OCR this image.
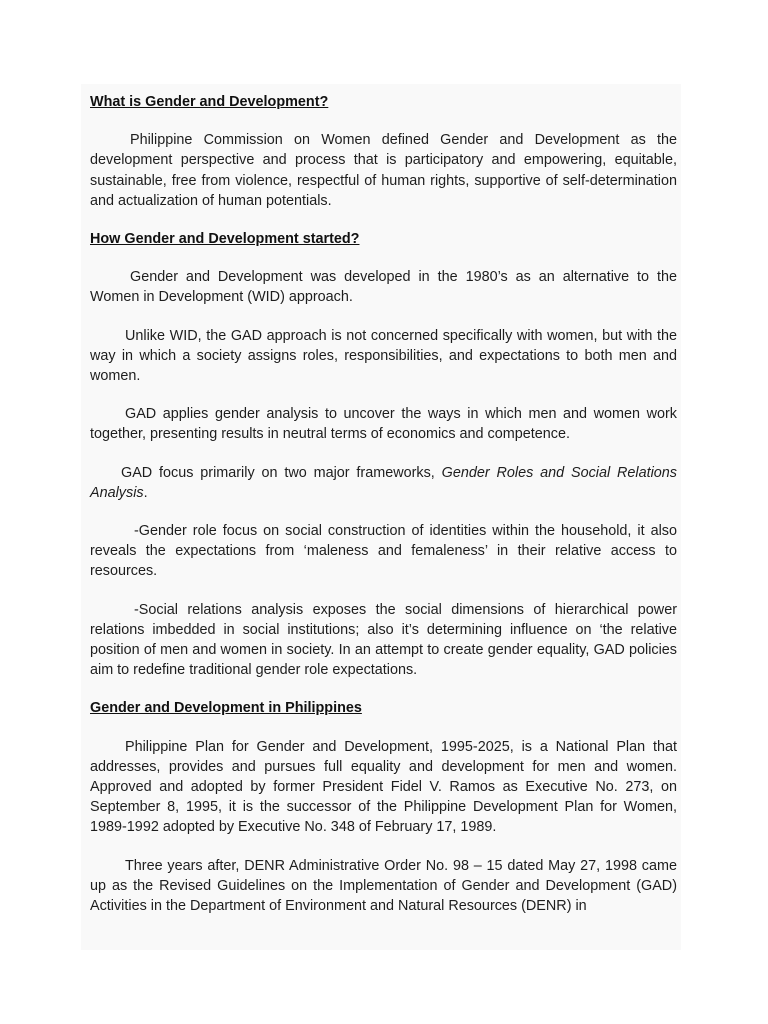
What is Gender and Development?
Philippine Commission on Women defined Gender and Development as the development perspective and process that is participatory and empowering, equitable, sustainable, free from violence, respectful of human rights, supportive of self-determination and actualization of human potentials.
How Gender and Development started?
Gender and Development was developed in the 1980’s as an alternative to the Women in Development (WID) approach.
Unlike WID, the GAD approach is not concerned specifically with women, but with the way in which a society assigns roles, responsibilities, and expectations to both men and women.
GAD applies gender analysis to uncover the ways in which men and women work together, presenting results in neutral terms of economics and competence.
GAD focus primarily on two major frameworks, Gender Roles and Social Relations Analysis.
-Gender role focus on social construction of identities within the household, it also reveals the expectations from ‘maleness and femaleness’ in their relative access to resources.
-Social relations analysis exposes the social dimensions of hierarchical power relations imbedded in social institutions; also it’s determining influence on ‘the relative position of men and women in society. In an attempt to create gender equality, GAD policies aim to redefine traditional gender role expectations.
Gender and Development in Philippines
Philippine Plan for Gender and Development, 1995-2025, is a National Plan that addresses, provides and pursues full equality and development for men and women. Approved and adopted by former President Fidel V. Ramos as Executive No. 273, on September 8, 1995, it is the successor of the Philippine Development Plan for Women, 1989-1992 adopted by Executive No. 348 of February 17, 1989.
Three years after, DENR Administrative Order No. 98 – 15 dated May 27, 1998 came up as the Revised Guidelines on the Implementation of Gender and Development (GAD) Activities in the Department of Environment and Natural Resources (DENR) in
